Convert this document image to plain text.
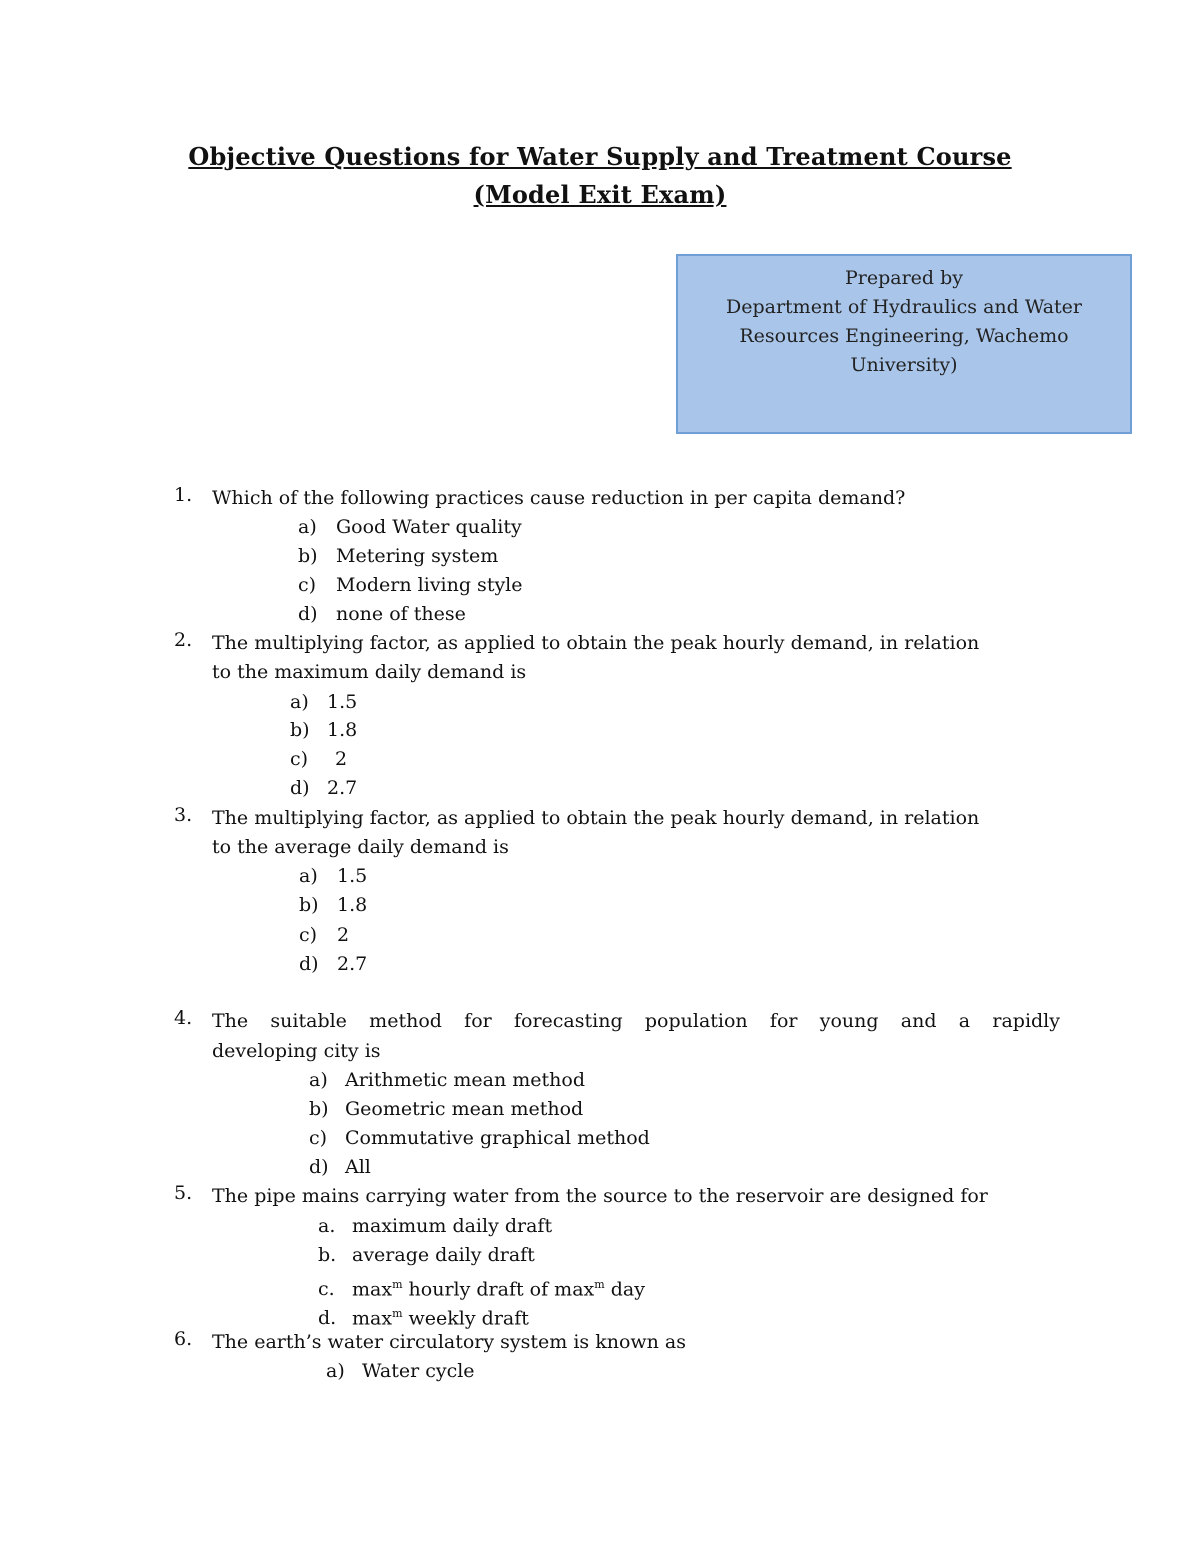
Objective Questions for Water Supply and Treatment Course
(Model Exit Exam)
Prepared by
Department of Hydraulics and Water
Resources Engineering, Wachemo
University)
1. Which of the following practices cause reduction in per capita demand?
a) Good Water quality
b) Metering system
c) Modern living style
d) none of these
2. The multiplying factor, as applied to obtain the peak hourly demand, in relation
to the maximum daily demand is
a) 1.5
b) 1.8
c) 2
d) 2.7
3. The multiplying factor, as applied to obtain the peak hourly demand, in relation
to the average daily demand is
a) 1.5
b) 1.8
c) 2
d) 2.7
4. The suitable method for forecasting population for young and a rapidly
developing city is
a) Arithmetic mean method
b) Geometric mean method
c) Commutative graphical method
d) All
5. The pipe mains carrying water from the source to the reservoir are designed for
a. maximum daily draft
b. average daily draft
c. $\max^m$ hourly draft of $\max^m$ day
d. $\max^m$ weekly draft
6. The earth’s water circulatory system is known as
a) Water cycle
